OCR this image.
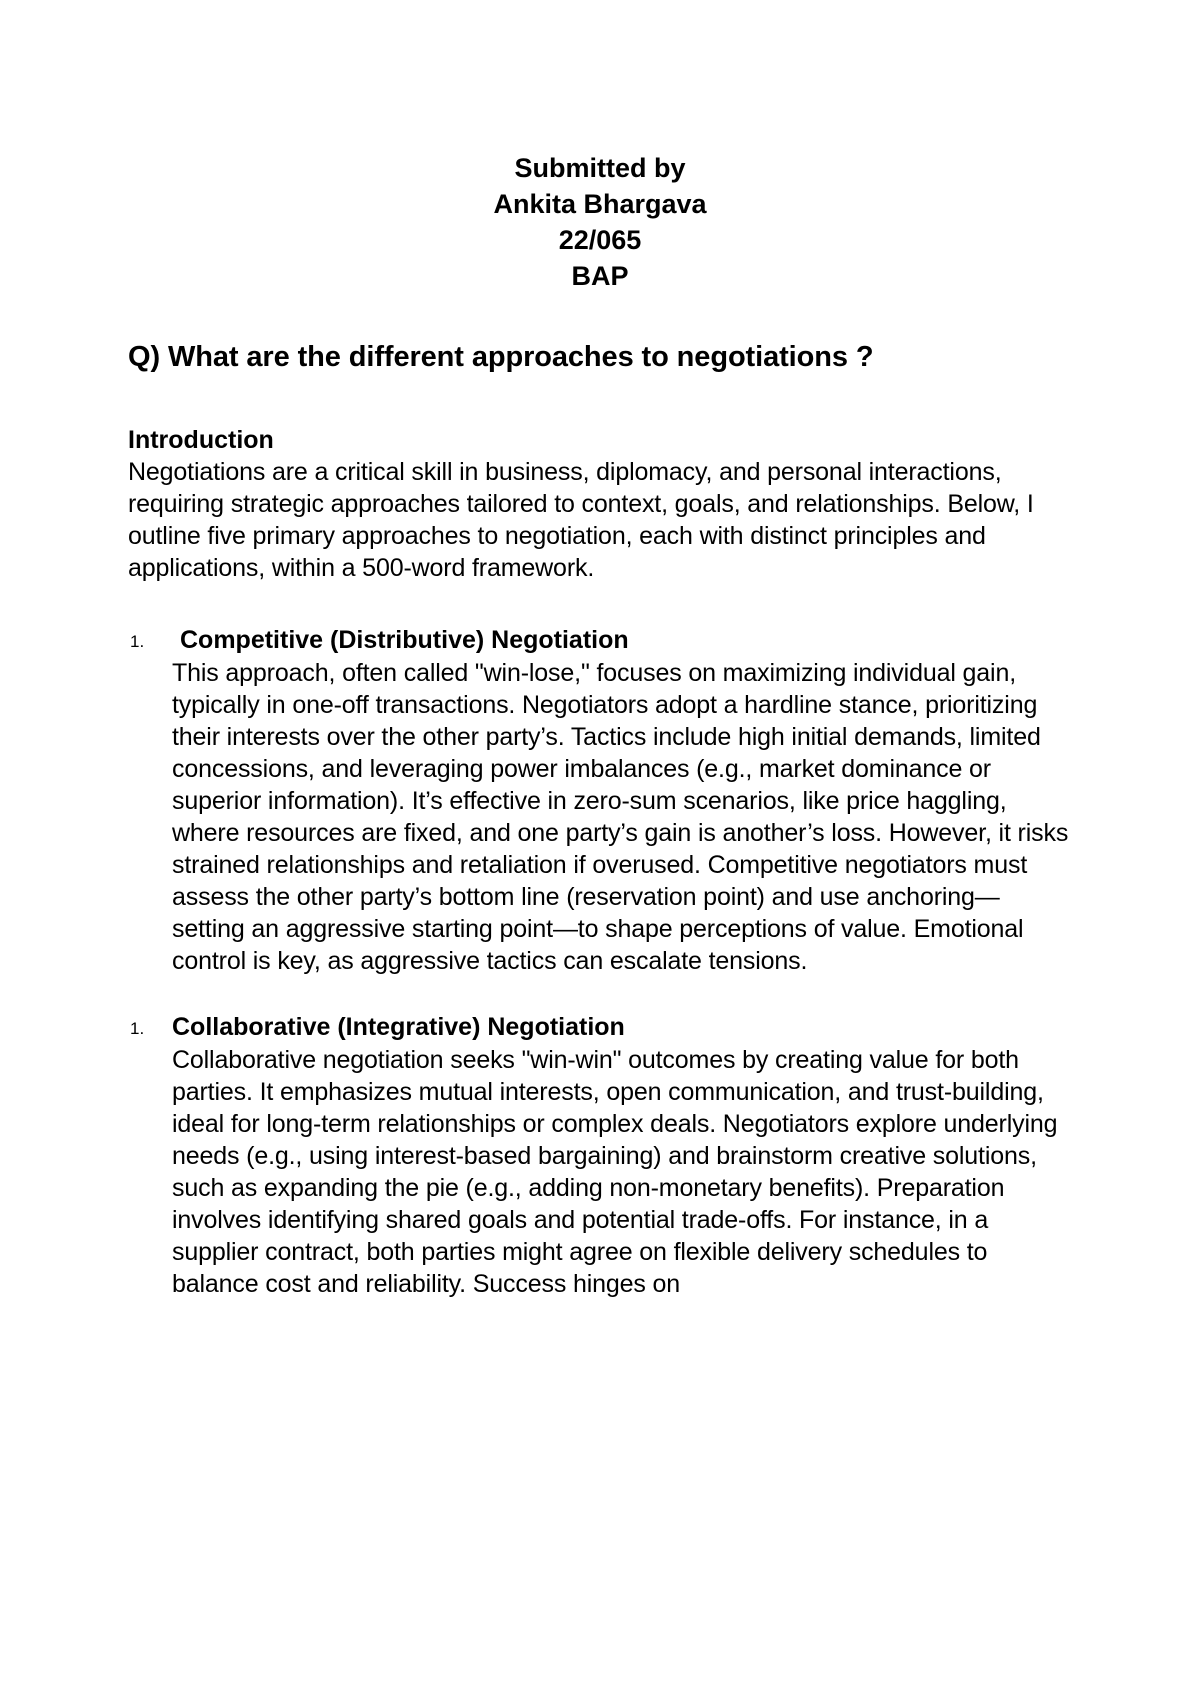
Submitted by
Ankita Bhargava
22/065
BAP

Q) What are the different approaches to negotiations ?

Introduction

Negotiations are a critical skill in business, diplomacy, and personal interactions, requiring strategic approaches tailored to context, goals, and relationships. Below, I outline five primary approaches to negotiation, each with distinct principles and applications, within a 500-word framework.

1.	Competitive (Distributive) Negotiation
This approach, often called "win-lose," focuses on maximizing individual gain, typically in one-off transactions. Negotiators adopt a hardline stance, prioritizing their interests over the other party’s. Tactics include high initial demands, limited concessions, and leveraging power imbalances (e.g., market dominance or superior information). It’s effective in zero-sum scenarios, like price haggling, where resources are fixed, and one party’s gain is another’s loss. However, it risks strained relationships and retaliation if overused. Competitive negotiators must assess the other party’s bottom line (reservation point) and use anchoring—setting an aggressive starting point—to shape perceptions of value. Emotional control is key, as aggressive tactics can escalate tensions.
1. Collaborative (Integrative) Negotiation
Collaborative negotiation seeks "win-win" outcomes by creating value for both parties. It emphasizes mutual interests, open communication, and trust-building, ideal for long-term relationships or complex deals. Negotiators explore underlying needs (e.g., using interest-based bargaining) and brainstorm creative solutions, such as expanding the pie (e.g., adding non-monetary benefits). Preparation involves identifying shared goals and potential trade-offs. For instance, in a supplier contract, both parties might agree on flexible delivery schedules to balance cost and reliability. Success hinges on
